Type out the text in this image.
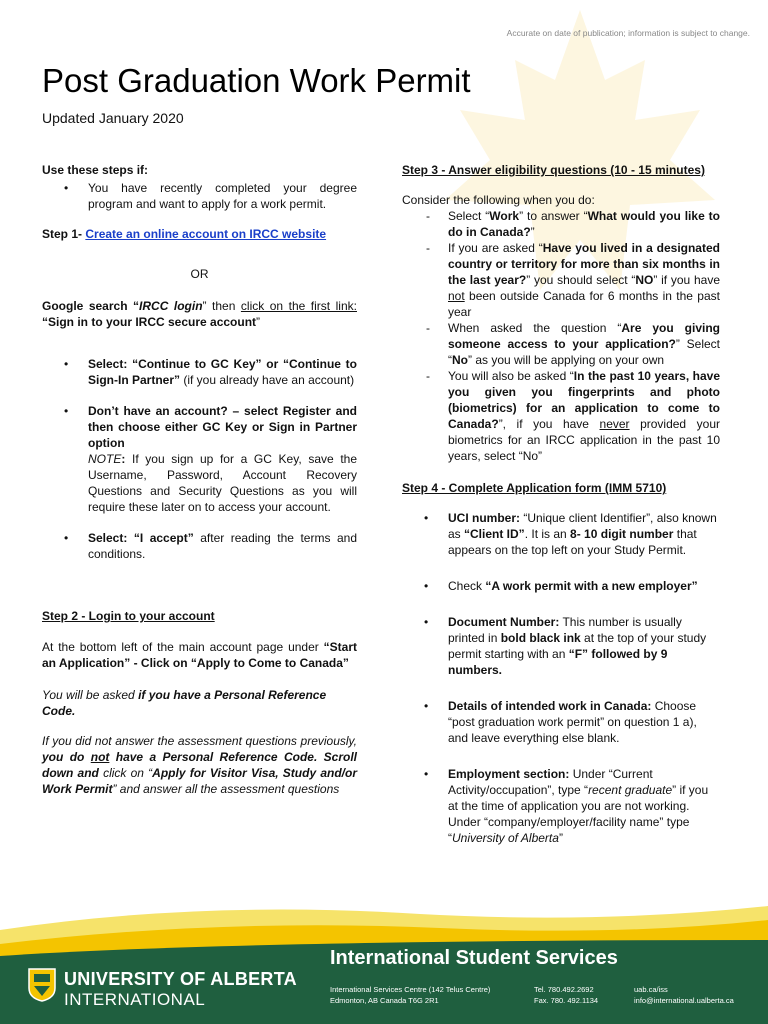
Accurate on date of publication; information is subject to change.
Post Graduation Work Permit
Updated January 2020

Use these steps if:

• You have recently completed your degree program and want to apply for a work permit.

Step 1- Create an online account on IRCC website

OR

Google search “IRCC login” then click on the first link: “Sign in to your IRCC secure account”

• Select: “Continue to GC Key” or “Continue to Sign-In Partner” (if you already have an account)

• Don’t have an account? – select Register and then choose either GC Key or Sign in Partner option
NOTE: If you sign up for a GC Key, save the Username, Password, Account Recovery Questions and Security Questions as you will require these later on to access your account.

• Select: “I accept” after reading the terms and conditions.

Step 2 - Login to your account

At the bottom left of the main account page under “Start an Application” - Click on “Apply to Come to Canada”

You will be asked if you have a Personal Reference Code.

If you did not answer the assessment questions previously, you do not have a Personal Reference Code. Scroll down and click on “Apply for Visitor Visa, Study and/or Work Permit” and answer all the assessment questions

Step 3 - Answer eligibility questions (10 - 15 minutes)

Consider the following when you do:

- Select “Work” to answer “What would you like to do in Canada?”

- If you are asked “Have you lived in a designated country or territory for more than six months in the last year?” you should select “NO” if you have not been outside Canada for 6 months in the past year

- When asked the question “Are you giving someone access to your application?” Select “No” as you will be applying on your own

- You will also be asked “In the past 10 years, have you given you fingerprints and photo (biometrics) for an application to come to Canada?”, if you have never provided your biometrics for an IRCC application in the past 10 years, select “No”

Step 4 - Complete Application form (IMM 5710)

• UCI number: “Unique client Identifier”, also known as “Client ID”. It is an 8- 10 digit number that appears on the top left on your Study Permit.

• Check “A work permit with a new employer”

• Document Number: This number is usually printed in bold black ink at the top of your study permit starting with an “F” followed by 9 numbers.

• Details of intended work in Canada: Choose “post graduation work permit” on question 1 a), and leave everything else blank.

• Employment section: Under “Current Activity/occupation”, type “recent graduate” if you at the time of application you are not working. Under “company/employer/facility name” type “University of Alberta”

UNIVERSITY OF ALBERTA
INTERNATIONAL
International Student Services
International Services Centre (142 Telus Centre)
Edmonton, AB Canada T6G 2R1
Tel. 780.492.2692
Fax. 780. 492.1134
uab.ca/iss
info@international.ualberta.ca
